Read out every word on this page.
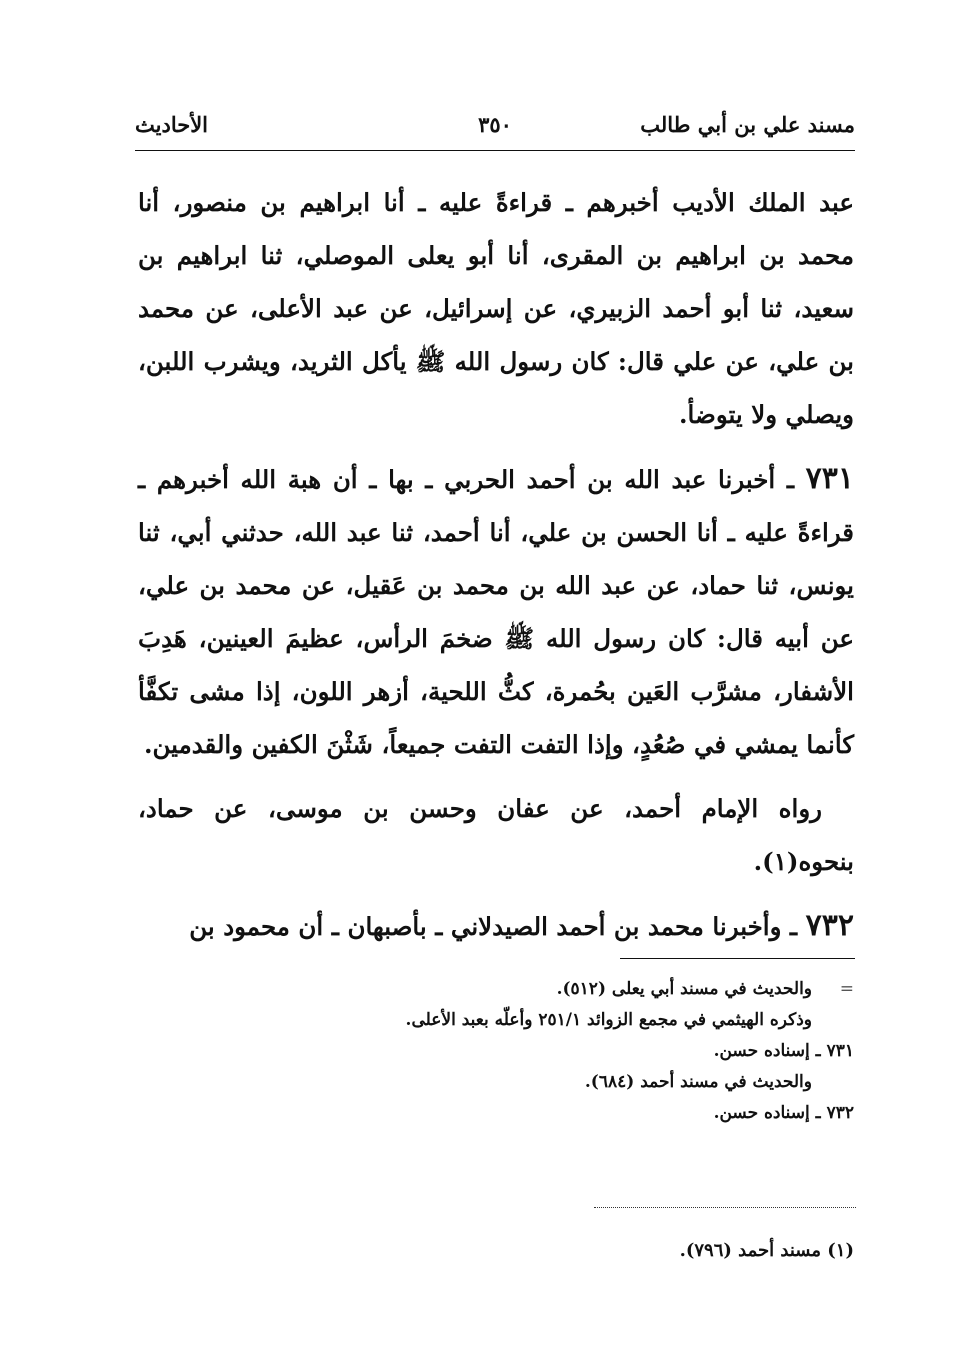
مسند علي بن أبي طالب
٣٥٠
الأحاديث

عبد الملك الأديب أخبرهم ـ قراءةً عليه ـ أنا ابراهيم بن منصور، أنا محمد بن ابراهيم بن المقرى، أنا أبو يعلى الموصلي، ثنا ابراهيم بن سعيد، ثنا أبو أحمد الزبيري، عن إسرائيل، عن عبد الأعلى، عن محمد بن علي، عن علي قال: كان رسول الله ﷺ يأكل الثريد، ويشرب اللبن، ويصلي ولا يتوضأ.

٧٣١ ـ أخبرنا عبد الله بن أحمد الحربي ـ بها ـ أن هبة الله أخبرهم ـ قراءةً عليه ـ أنا الحسن بن علي، أنا أحمد، ثنا عبد الله، حدثني أبي، ثنا يونس، ثنا حماد، عن عبد الله بن محمد بن عَقيل، عن محمد بن علي، عن أبيه قال: كان رسول الله ﷺ ضخمَ الرأس، عظيمَ العينين، هَدِبَ الأشفار، مشرَّب العَين بحُمرة، كثُّ اللحية، أزهر اللون، إذا مشى تكفَّأ كأنما يمشي في صُعُدٍ، وإذا التفت التفت جميعاً، شَثْنَ الكفين والقدمين.

رواه الإمام أحمد، عن عفان وحسن بن موسى، عن حماد، بنحوه(١).

٧٣٢ ـ وأخبرنا محمد بن أحمد الصيدلاني ـ بأصبهان ـ أن محمود بن

=والحديث في مسند أبي يعلى (٥١٢).
وذكره الهيثمي في مجمع الزوائد ٢٥١/١ وأعلّه بعبد الأعلى.
٧٣١ ـ إسناده حسن.
والحديث في مسند أحمد (٦٨٤).
٧٣٢ ـ إسناده حسن.
(١) مسند أحمد (٧٩٦).
